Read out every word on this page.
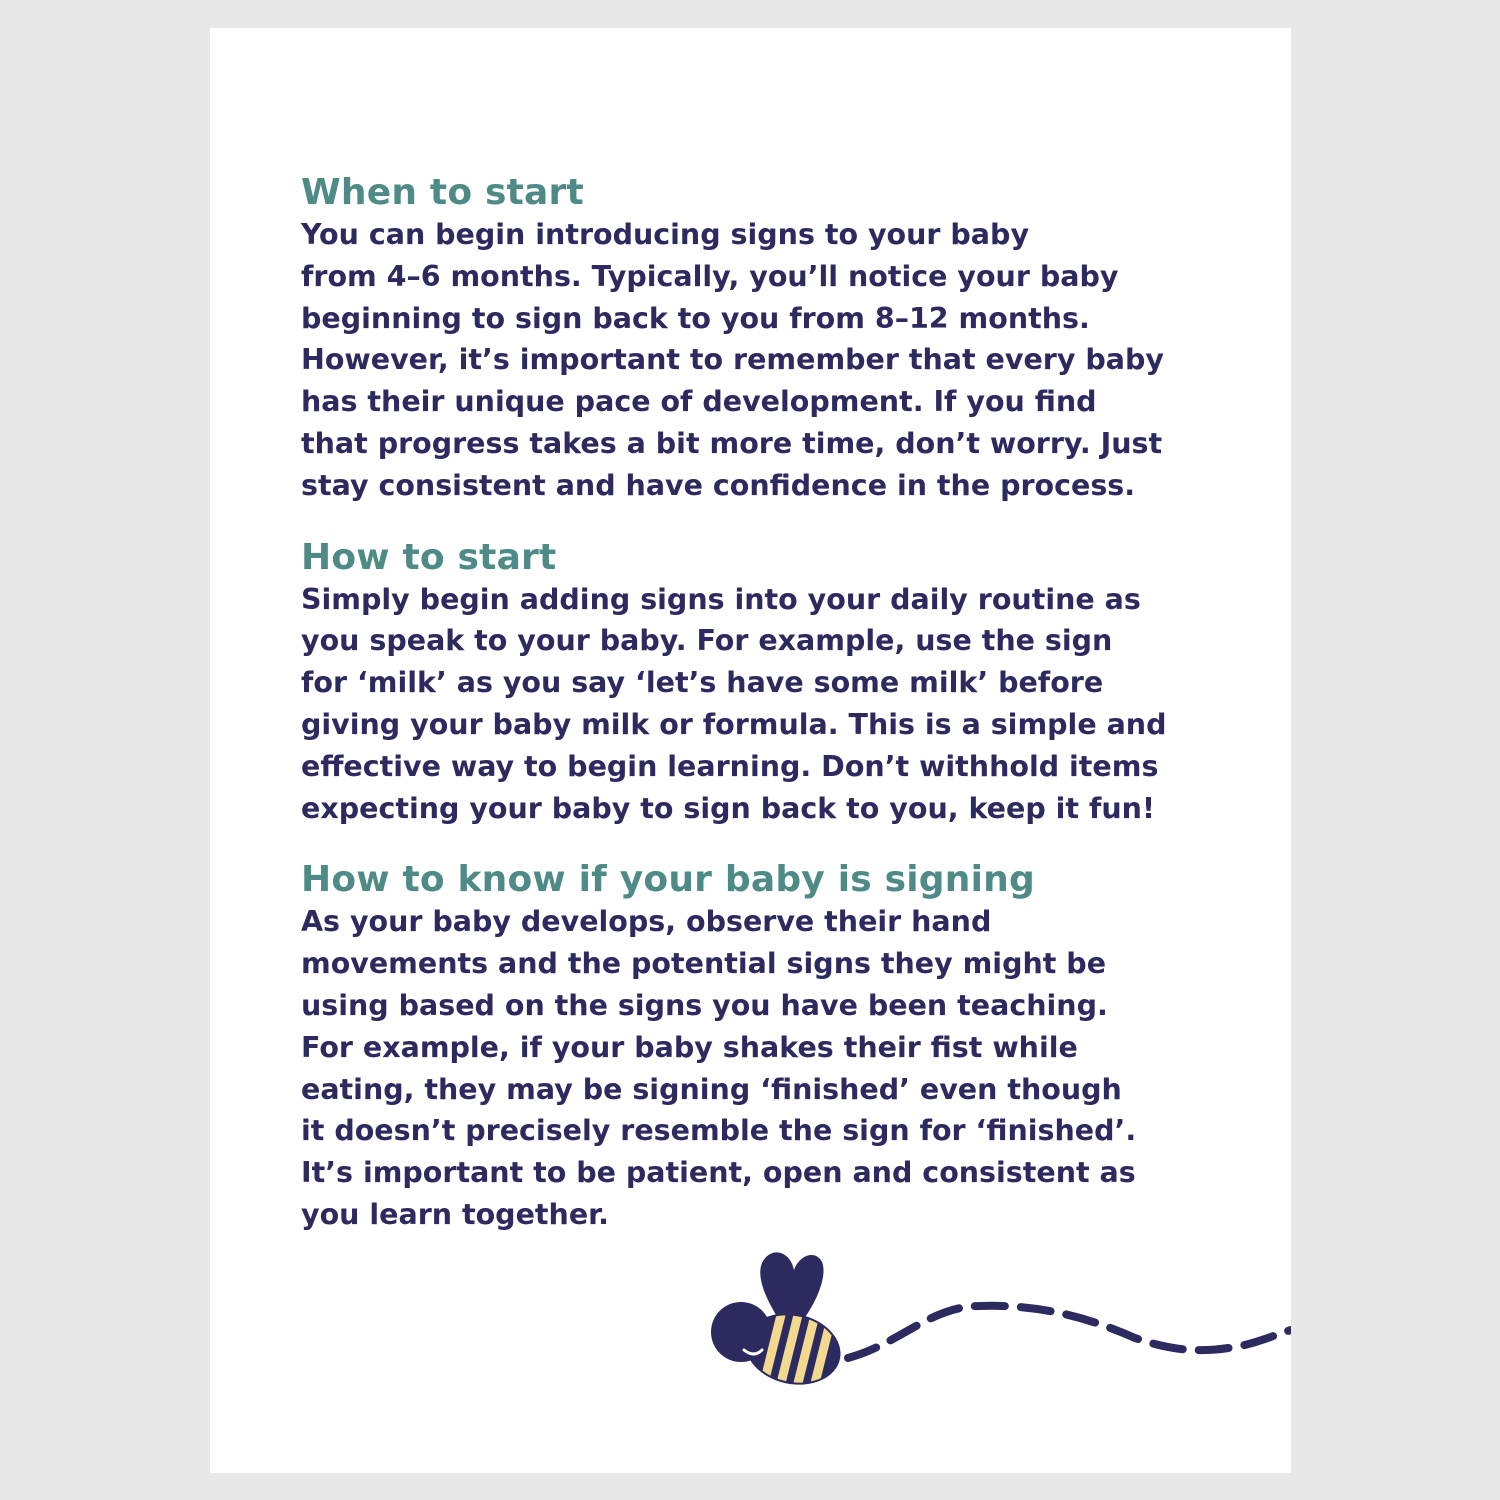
When to start

You can begin introducing signs to your baby
from 4–6 months. Typically, you’ll notice your baby
beginning to sign back to you from 8–12 months.
However, it’s important to remember that every baby
has their unique pace of development. If you find
that progress takes a bit more time, don’t worry. Just
stay consistent and have confidence in the process.

How to start

Simply begin adding signs into your daily routine as
you speak to your baby. For example, use the sign
for ‘milk’ as you say ‘let’s have some milk’ before
giving your baby milk or formula. This is a simple and
effective way to begin learning. Don’t withhold items
expecting your baby to sign back to you, keep it fun!

How to know if your baby is signing

As your baby develops, observe their hand
movements and the potential signs they might be
using based on the signs you have been teaching.
For example, if your baby shakes their fist while
eating, they may be signing ‘finished’ even though
it doesn’t precisely resemble the sign for ‘finished’.
It’s important to be patient, open and consistent as
you learn together.
